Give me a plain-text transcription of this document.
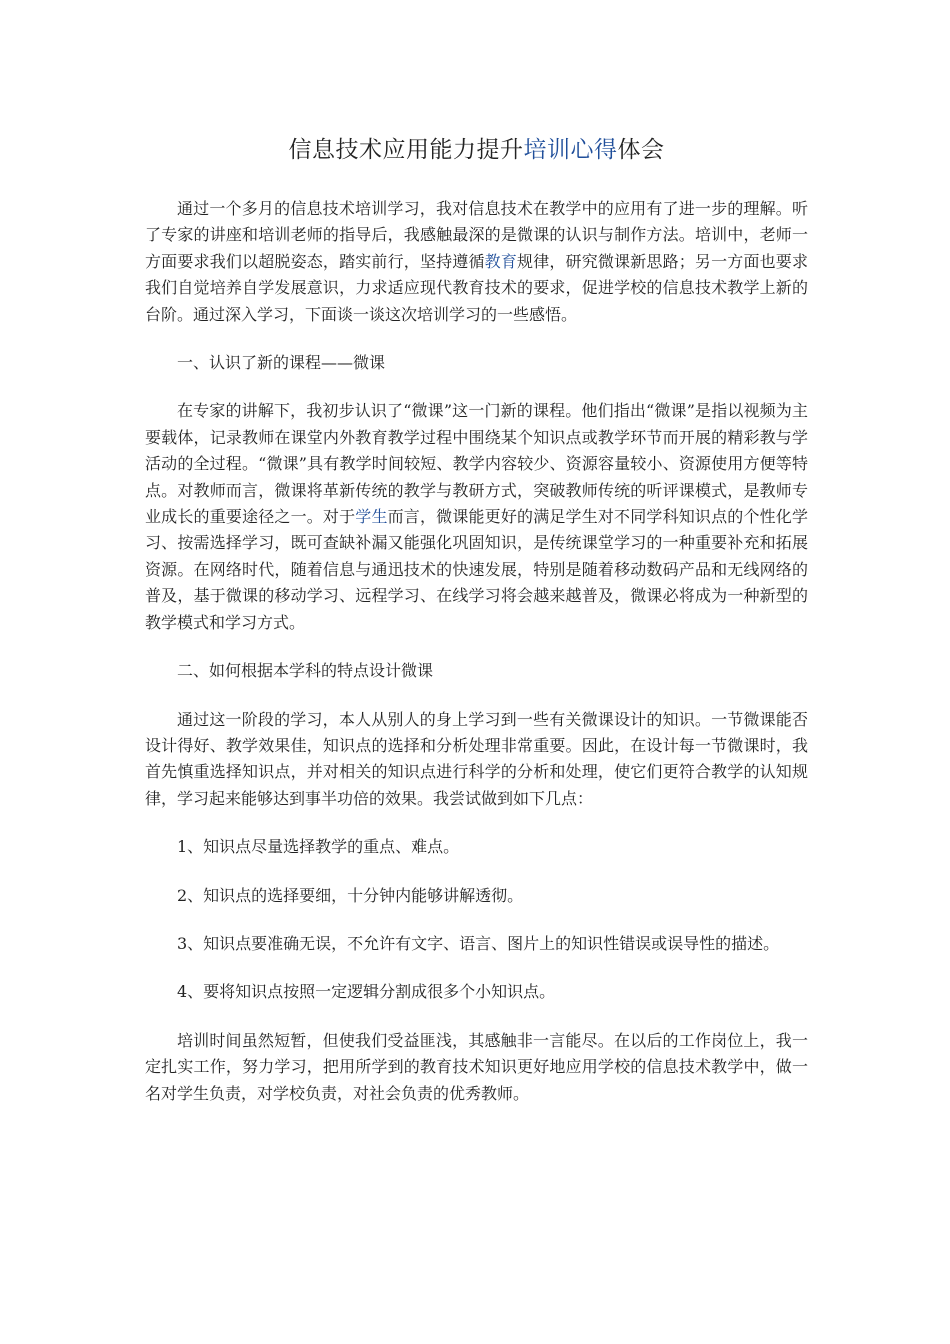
信息技术应用能力提升培训心得体会

通过一个多月的信息技术培训学习，我对信息技术在教学中的应用有了进一步的理解。听了专家的讲座和培训老师的指导后，我感触最深的是微课的认识与制作方法。培训中，老师一方面要求我们以超脱姿态，踏实前行，坚持遵循教育规律，研究微课新思路；另一方面也要求我们自觉培养自学发展意识，力求适应现代教育技术的要求，促进学校的信息技术教学上新的台阶。通过深入学习，下面谈一谈这次培训学习的一些感悟。

一、认识了新的课程——微课

在专家的讲解下，我初步认识了“微课”这一门新的课程。他们指出“微课”是指以视频为主要载体，记录教师在课堂内外教育教学过程中围绕某个知识点或教学环节而开展的精彩教与学活动的全过程。“微课”具有教学时间较短、教学内容较少、资源容量较小、资源使用方便等特点。对教师而言，微课将革新传统的教学与教研方式，突破教师传统的听评课模式，是教师专业成长的重要途径之一。对于学生而言，微课能更好的满足学生对不同学科知识点的个性化学习、按需选择学习，既可查缺补漏又能强化巩固知识，是传统课堂学习的一种重要补充和拓展资源。在网络时代，随着信息与通迅技术的快速发展，特别是随着移动数码产品和无线网络的普及，基于微课的移动学习、远程学习、在线学习将会越来越普及，微课必将成为一种新型的教学模式和学习方式。

二、如何根据本学科的特点设计微课

通过这一阶段的学习，本人从别人的身上学习到一些有关微课设计的知识。一节微课能否设计得好、教学效果佳，知识点的选择和分析处理非常重要。因此，在设计每一节微课时，我首先慎重选择知识点，并对相关的知识点进行科学的分析和处理，使它们更符合教学的认知规律，学习起来能够达到事半功倍的效果。我尝试做到如下几点：

1、知识点尽量选择教学的重点、难点。

2、知识点的选择要细，十分钟内能够讲解透彻。

3、知识点要准确无误，不允许有文字、语言、图片上的知识性错误或误导性的描述。

4、要将知识点按照一定逻辑分割成很多个小知识点。

培训时间虽然短暂，但使我们受益匪浅，其感触非一言能尽。在以后的工作岗位上，我一定扎实工作，努力学习，把用所学到的教育技术知识更好地应用学校的信息技术教学中，做一名对学生负责，对学校负责，对社会负责的优秀教师。
